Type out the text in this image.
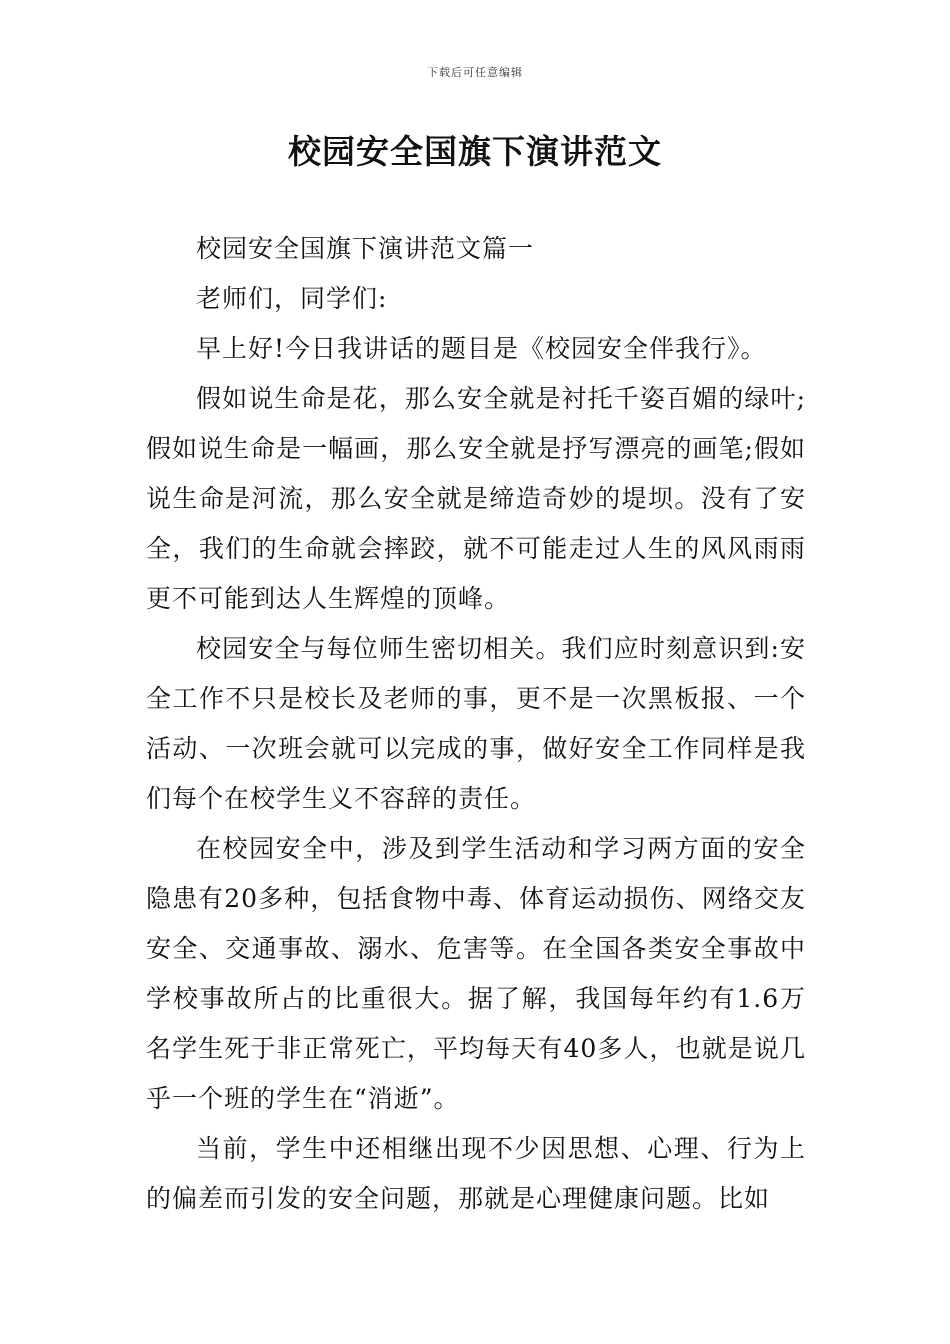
下载后可任意编辑
校园安全国旗下演讲范文

校园安全国旗下演讲范文篇一

老师们，同学们:

早上好!今日我讲话的题目是《校园安全伴我行》。

假如说生命是花，那么安全就是衬托千姿百媚的绿叶;假如说生命是一幅画，那么安全就是抒写漂亮的画笔;假如说生命是河流，那么安全就是缔造奇妙的堤坝。没有了安全，我们的生命就会摔跤，就不可能走过人生的风风雨雨更不可能到达人生辉煌的顶峰。

校园安全与每位师生密切相关。我们应时刻意识到:安全工作不只是校长及老师的事，更不是一次黑板报、一个活动、一次班会就可以完成的事，做好安全工作同样是我们每个在校学生义不容辞的责任。

在校园安全中，涉及到学生活动和学习两方面的安全隐患有20多种，包括食物中毒、体育运动损伤、网络交友安全、交通事故、溺水、危害等。在全国各类安全事故中学校事故所占的比重很大。据了解，我国每年约有1.6万名学生死于非正常死亡，平均每天有40多人，也就是说几乎一个班的学生在“消逝”。

当前，学生中还相继出现不少因思想、心理、行为上的偏差而引发的安全问题，那就是心理健康问题。比如
